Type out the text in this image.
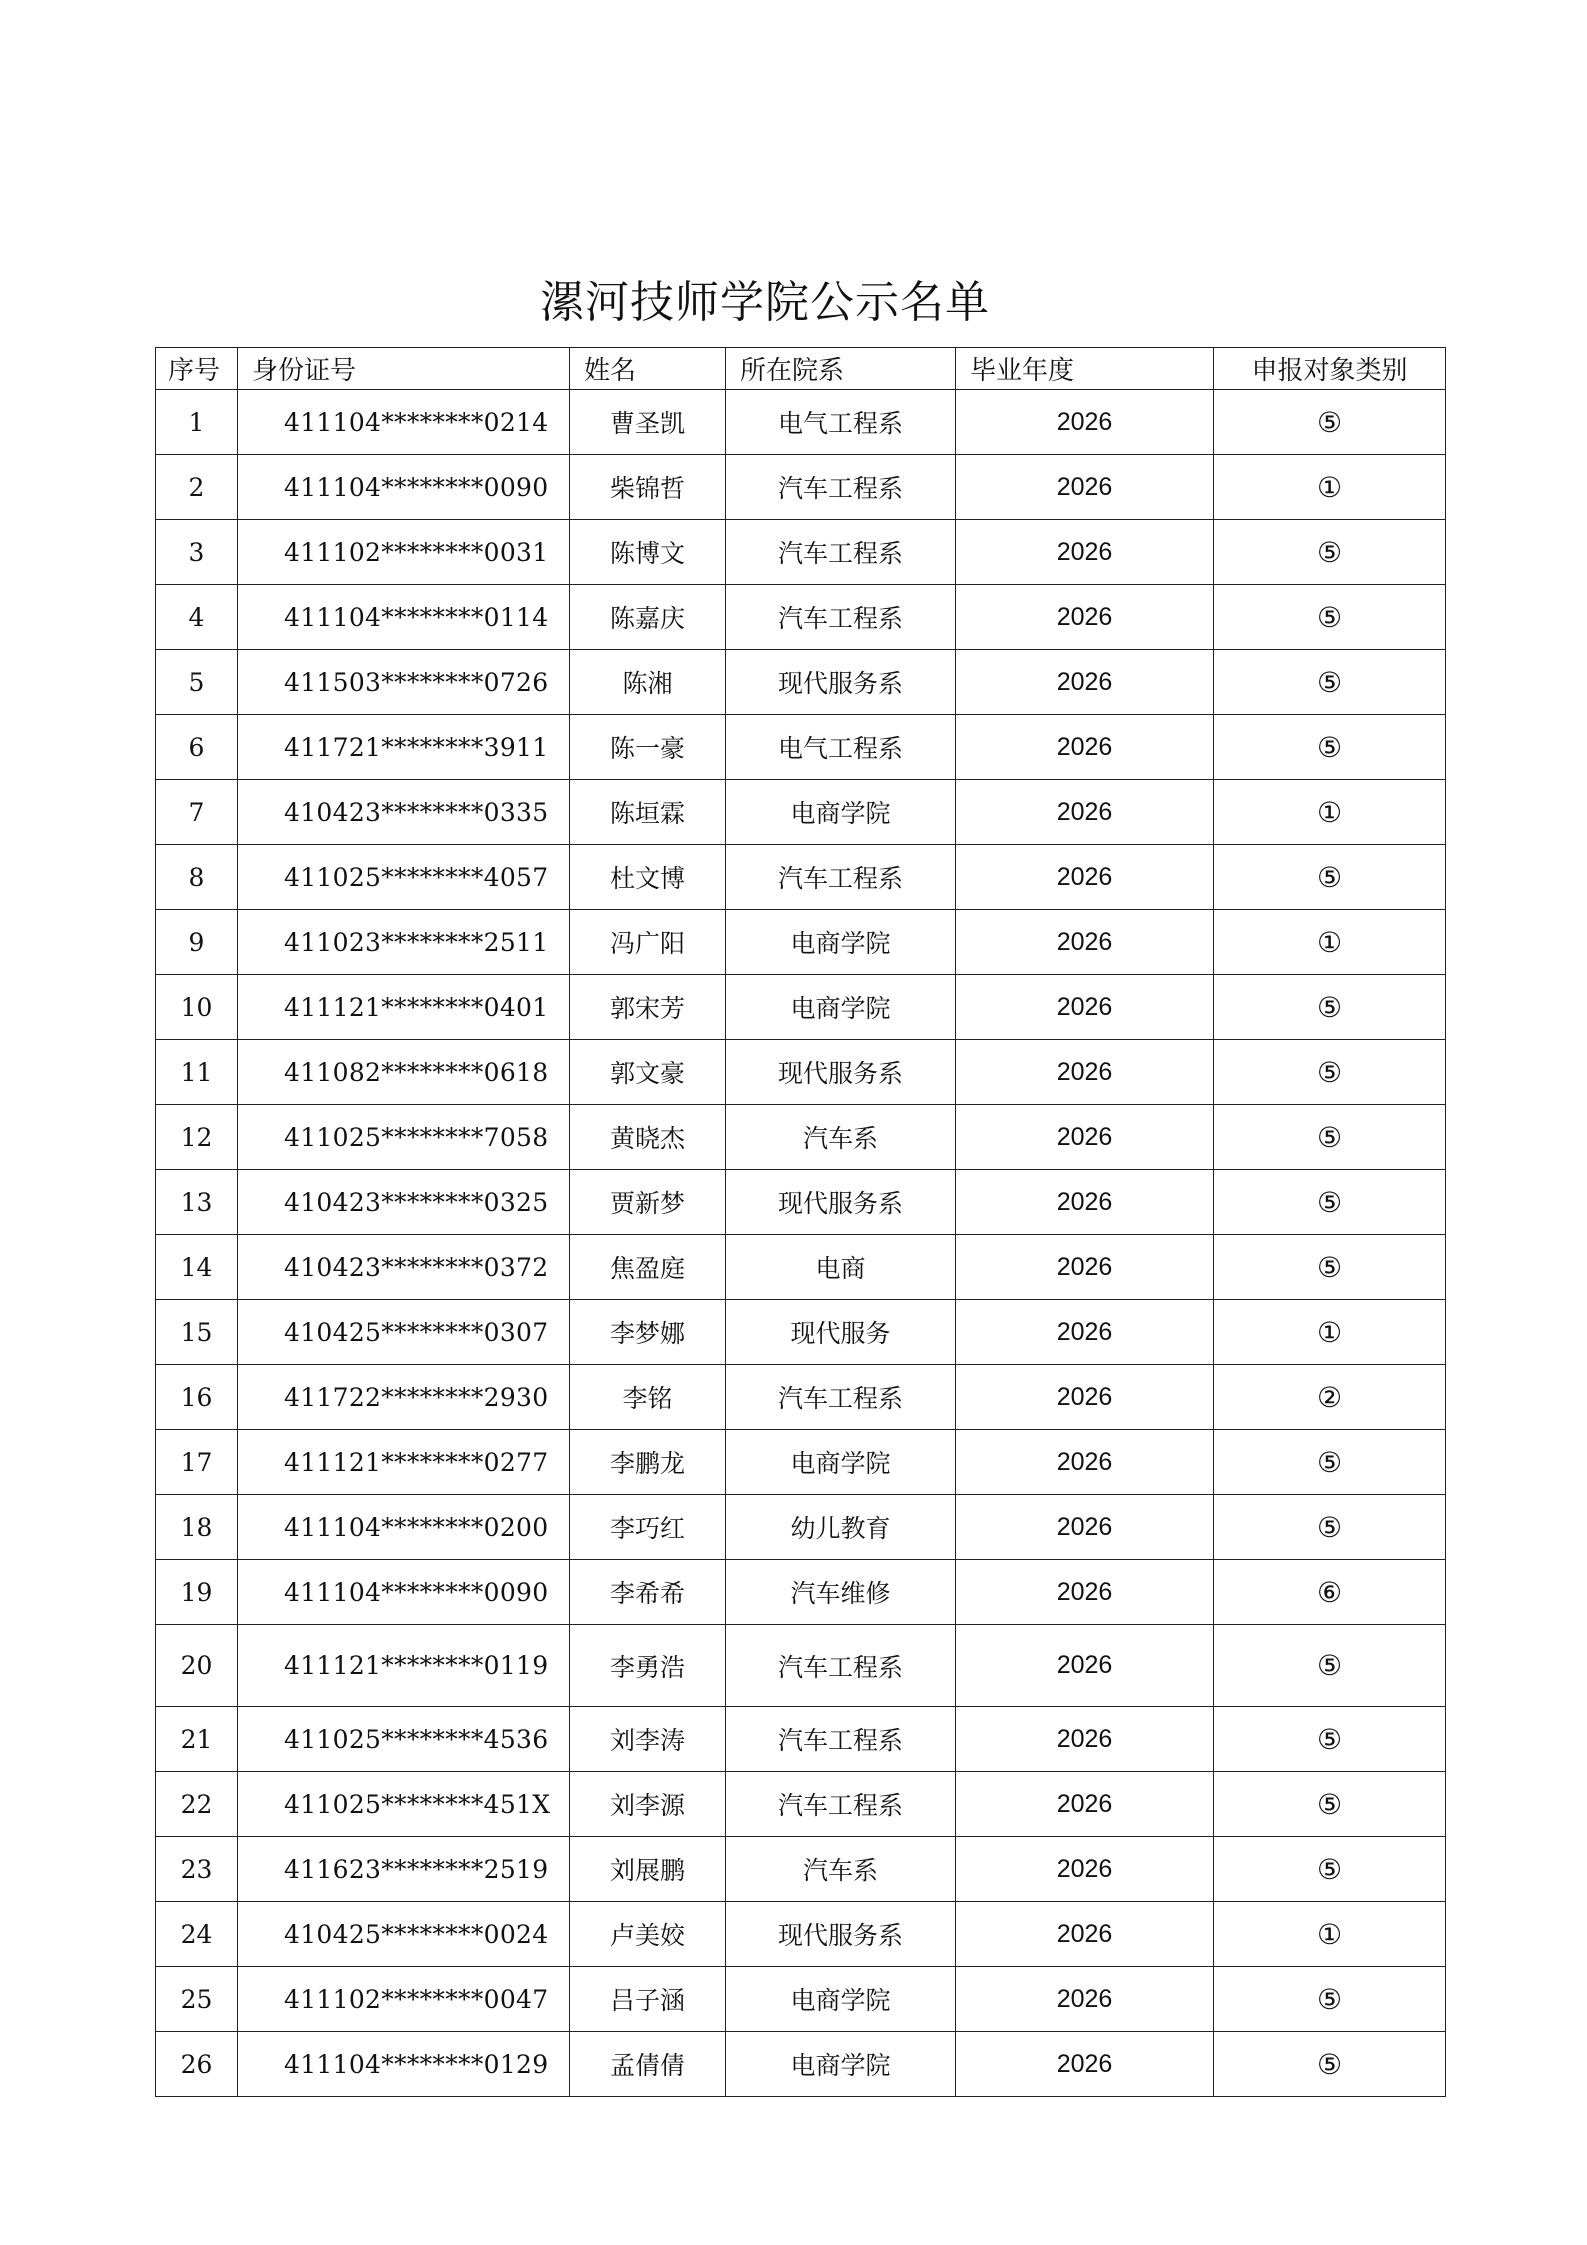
漯河技师学院公示名单
序号	身份证号	姓名	所在院系	毕业年度	申报对象类别
1	411104********0214	曹圣凯	电气工程系	2026	⑤
2	411104********0090	柴锦哲	汽车工程系	2026	①
3	411102********0031	陈博文	汽车工程系	2026	⑤
4	411104********0114	陈嘉庆	汽车工程系	2026	⑤
5	411503********0726	陈湘	现代服务系	2026	⑤
6	411721********3911	陈一豪	电气工程系	2026	⑤
7	410423********0335	陈垣霖	电商学院	2026	①
8	411025********4057	杜文博	汽车工程系	2026	⑤
9	411023********2511	冯广阳	电商学院	2026	①
10	411121********0401	郭宋芳	电商学院	2026	⑤
11	411082********0618	郭文豪	现代服务系	2026	⑤
12	411025********7058	黄晓杰	汽车系	2026	⑤
13	410423********0325	贾新梦	现代服务系	2026	⑤
14	410423********0372	焦盈庭	电商	2026	⑤
15	410425********0307	李梦娜	现代服务	2026	①
16	411722********2930	李铭	汽车工程系	2026	②
17	411121********0277	李鹏龙	电商学院	2026	⑤
18	411104********0200	李巧红	幼儿教育	2026	⑤
19	411104********0090	李希希	汽车维修	2026	⑥
20	411121********0119	李勇浩	汽车工程系	2026	⑤
21	411025********4536	刘李涛	汽车工程系	2026	⑤
22	411025********451X	刘李源	汽车工程系	2026	⑤
23	411623********2519	刘展鹏	汽车系	2026	⑤
24	410425********0024	卢美姣	现代服务系	2026	①
25	411102********0047	吕子涵	电商学院	2026	⑤
26	411104********0129	孟倩倩	电商学院	2026	⑤
